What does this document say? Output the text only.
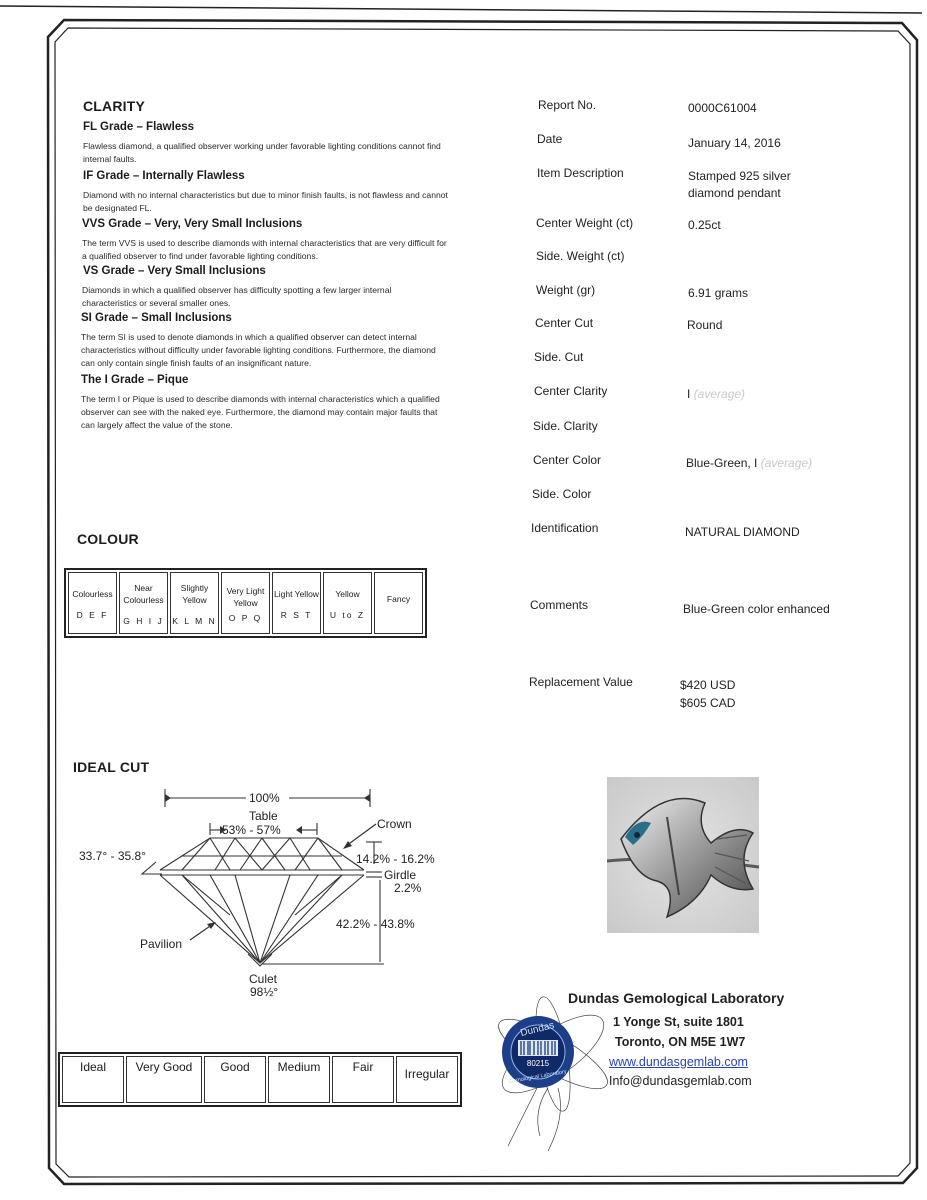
CLARITY
FL Grade – Flawless
Flawless diamond, a qualified observer working under favorable lighting conditions cannot find internal faults.
IF Grade – Internally Flawless
Diamond with no internal characteristics but due to minor finish faults, is not flawless and cannot be designated FL.
VVS Grade – Very, Very Small Inclusions
The term VVS is used to describe diamonds with internal characteristics that are very difficult for a qualified observer to find under favorable lighting conditions.
VS Grade – Very Small Inclusions
Diamonds in which a qualified observer has difficulty spotting a few larger internal characteristics or several smaller ones.
SI Grade – Small Inclusions
The term SI is used to denote diamonds in which a qualified observer can detect internal characteristics without difficulty under favorable lighting conditions. Furthermore, the diamond can only contain single finish faults of an insignificant nature.
The I Grade – Pique
The term I or Pique is used to describe diamonds with internal characteristics which a qualified observer can see with the naked eye. Furthermore, the diamond may contain major faults that can largely affect the value of the stone.
COLOUR
Colourless
D E F

Near Colourless
G H I J

Slightly Yellow
K L M N

Very Light Yellow
O P Q

Light Yellow
R S T

Yellow
U to Z

Fancy
IDEAL CUT
100%
Table
53% - 57%	Crown
33.7° - 35.8°	14.2% - 16.2%
Girdle
2.2%
42.2% - 43.8%
Pavilion
Culet
98½°
Ideal	Very Good	Good	Medium	Fair	Irregular
Report No.	0000C61004
Date	January 14, 2016
Item Description	Stamped 925 silver
diamond pendant
Center Weight (ct)	0.25ct
Side. Weight (ct)
Weight (gr)	6.91 grams
Center Cut	Round
Side. Cut
Center Clarity	I (average)
Side. Clarity
Center Color	Blue-Green, I (average)
Side. Color
Identification	NATURAL DIAMOND
Comments	Blue-Green color enhanced
Replacement Value	$420 USD
$605 CAD
Dundas Gemological Laboratory
1 Yonge St, suite 1801
Toronto, ON M5E 1W7
www.dundasgemlab.com
Info@dundasgemlab.com
Dundas
80215
Gemological Laboratory
